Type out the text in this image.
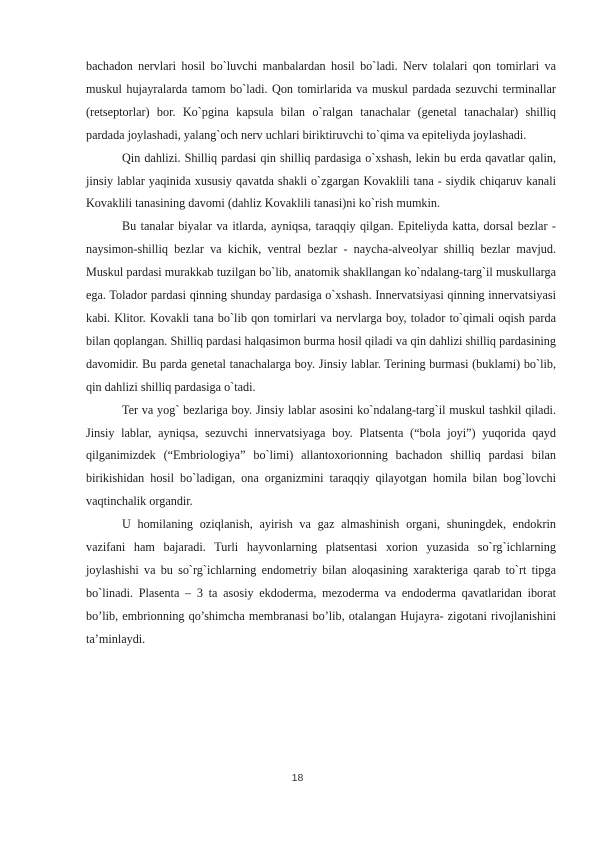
bachadon nervlari hosil bo`luvchi manbalardan hosil bo`ladi. Nerv tolalari qon tomirlari va muskul hujayralarda tamom bo`ladi. Qon tomirlarida va muskul pardada sezuvchi terminallar (retseptorlar) bor. Ko`pgina kapsula bilan o`ralgan tanachalar (genetal tanachalar) shilliq pardada joylashadi, yalang`och nerv uchlari biriktiruvchi to`qima va epiteliyda joylashadi.

Qin dahlizi. Shilliq pardasi qin shilliq pardasiga o`xshash, lekin bu erda qavatlar qalin, jinsiy lablar yaqinida xususiy qavatda shakli o`zgargan Kovaklili tana - siydik chiqaruv kanali Kovaklili tanasining davomi (dahliz Kovaklili tanasi)ni ko`rish mumkin.

Bu tanalar biyalar va itlarda, ayniqsa, taraqqiy qilgan. Epiteliyda katta, dorsal bezlar - naysimon-shilliq bezlar va kichik, ventral bezlar - naycha-alveolyar shilliq bezlar mavjud. Muskul pardasi murakkab tuzilgan bo`lib, anatomik shakllangan ko`ndalang-targ`il muskullarga ega. Tolador pardasi qinning shunday pardasiga o`xshash. Innervatsiyasi qinning innervatsiyasi kabi. Klitor. Kovakli tana bo`lib qon tomirlari va nervlarga boy, tolador to`qimali oqish parda bilan qoplangan. Shilliq pardasi halqasimon burma hosil qiladi va qin dahlizi shilliq pardasining davomidir. Bu parda genetal tanachalarga boy. Jinsiy lablar. Terining burmasi (buklami) bo`lib, qin dahlizi shilliq pardasiga o`tadi.

Ter va yog` bezlariga boy. Jinsiy lablar asosini ko`ndalang-targ`il muskul tashkil qiladi. Jinsiy lablar, ayniqsa, sezuvchi innervatsiyaga boy. Platsenta (“bola joyi”) yuqorida qayd qilganimizdek (“Embriologiya” bo`limi) allantoxorionning bachadon shilliq pardasi bilan birikishidan hosil bo`ladigan, ona organizmini taraqqiy qilayotgan homila bilan bog`lovchi vaqtinchalik organdir.

U homilaning oziqlanish, ayirish va gaz almashinish organi, shuningdek, endokrin vazifani ham bajaradi. Turli hayvonlarning platsentasi xorion yuzasida so`rg`ichlarning joylashishi va bu so`rg`ichlarning endometriy bilan aloqasining xarakteriga qarab to`rt tipga bo`linadi. Plasenta – 3 ta asosiy ekdoderma, mezoderma va endoderma qavatlaridan iborat bo’lib, embrionning qo’shimcha membranasi bo’lib, otalangan Hujayra- zigotani rivojlanishini ta’minlaydi.

18
